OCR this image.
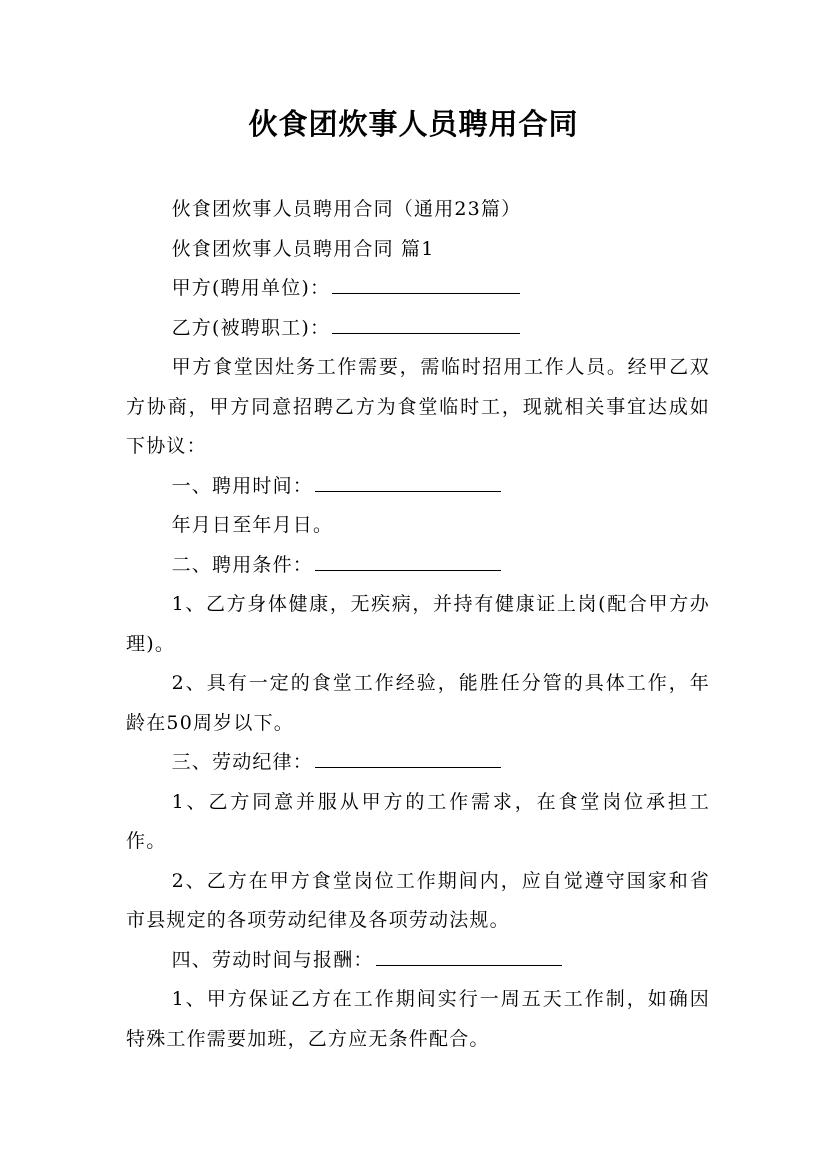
伙食团炊事人员聘用合同

伙食团炊事人员聘用合同（通用23篇）

伙食团炊事人员聘用合同 篇1

甲方(聘用单位)：

乙方(被聘职工)：

甲方食堂因灶务工作需要，需临时招用工作人员。经甲乙双方协商，甲方同意招聘乙方为食堂临时工，现就相关事宜达成如下协议：

一、聘用时间：

年月日至年月日。

二、聘用条件：

1、乙方身体健康，无疾病，并持有健康证上岗(配合甲方办理)。

2、具有一定的食堂工作经验，能胜任分管的具体工作，年龄在50周岁以下。

三、劳动纪律：

1、乙方同意并服从甲方的工作需求，在食堂岗位承担工作。

2、乙方在甲方食堂岗位工作期间内，应自觉遵守国家和省市县规定的各项劳动纪律及各项劳动法规。

四、劳动时间与报酬：

1、甲方保证乙方在工作期间实行一周五天工作制，如确因特殊工作需要加班，乙方应无条件配合。
